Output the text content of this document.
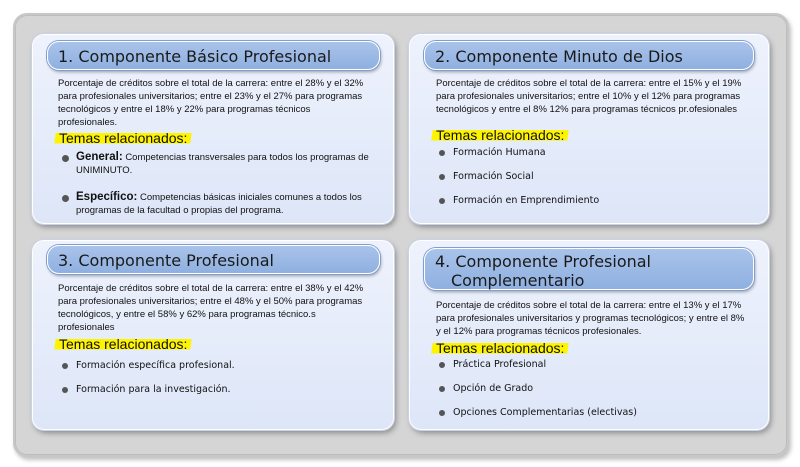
1. Componente Básico Profesional
Porcentaje de créditos sobre el total de la carrera: entre el 28% y el 32% para profesionales universitarios; entre el 23% y el 27% para programas tecnológicos y entre el 18% y 22% para programas técnicos profesionales.
Temas relacionados:
General: Competencias transversales para todos los programas de UNIMINUTO.
Específico: Competencias básicas iniciales comunes a todos los programas de la facultad o propias del programa.
2. Componente Minuto de Dios
Porcentaje de créditos sobre el total de la carrera: entre el 15% y el 19% para profesionales universitarios; entre el 10% y el 12% para programas tecnológicos y entre el 8% 12% para programas técnicos pr.ofesionales
Temas relacionados:
Formación Humana
Formación Social
Formación en Emprendimiento
3. Componente Profesional
Porcentaje de créditos sobre el total de la carrera: entre el 38% y el 42% para profesionales universitarios; entre el 48% y el 50% para programas tecnológicos, y entre el 58% y 62% para programas técnico.s profesionales
Temas relacionados:
Formación específica profesional.
Formación para la investigación.
4. Componente Profesional
Complementario
Porcentaje de créditos sobre el total de la carrera: entre el 13% y el 17% para profesionales universitarios y programas tecnológicos; y entre el 8% y el 12% para programas técnicos profesionales.
Temas relacionados:
Práctica Profesional
Opción de Grado
Opciones Complementarias (electivas)
